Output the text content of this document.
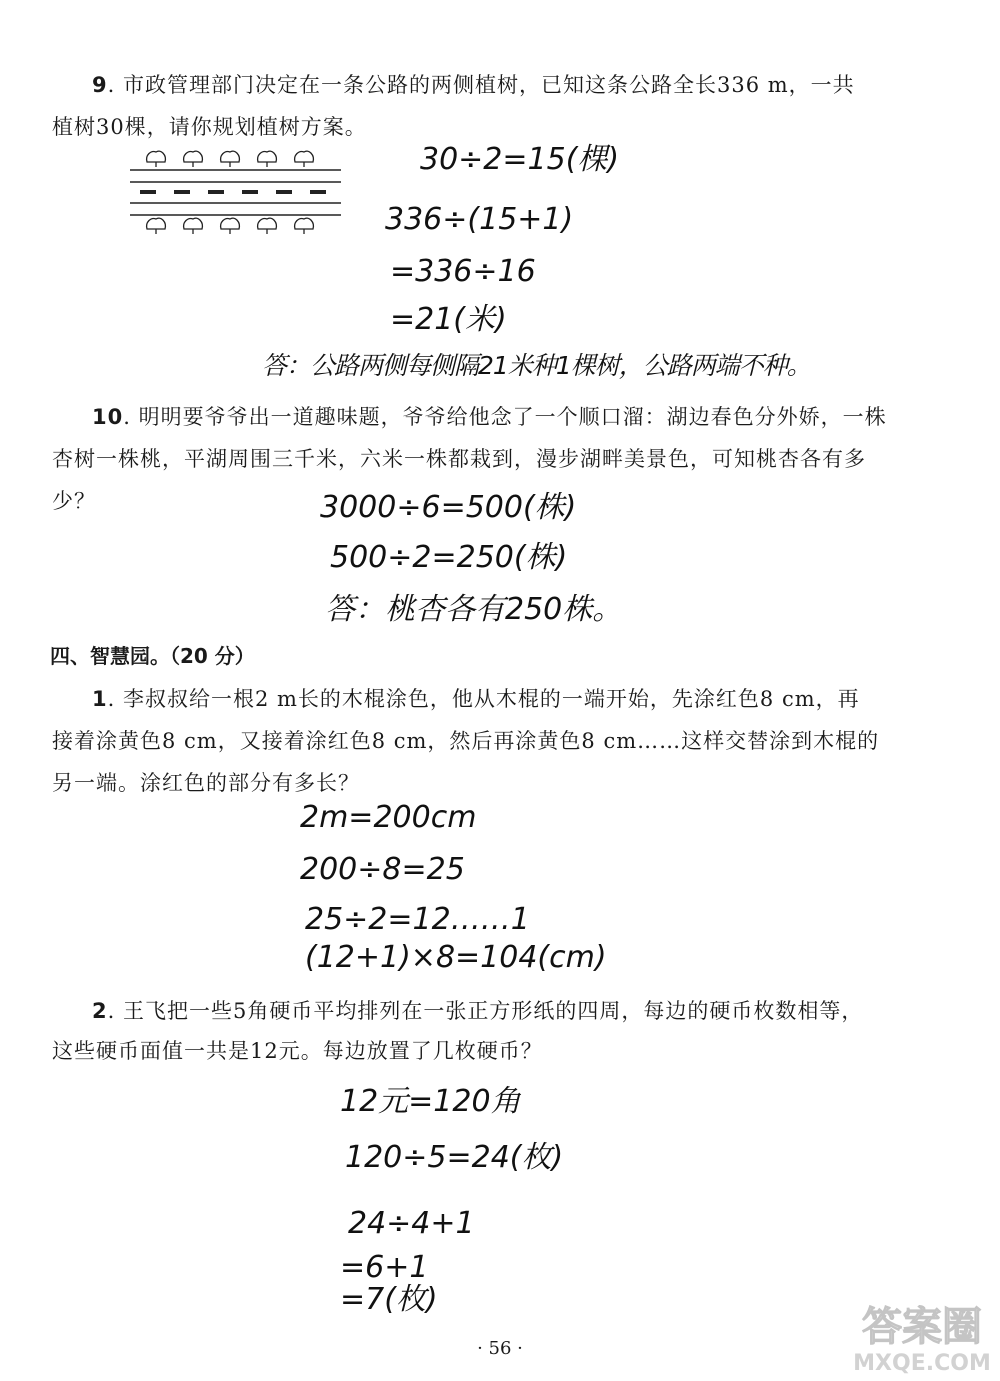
9. 市政管理部门决定在一条公路的两侧植树，已知这条公路全长336 m，一共
植树30棵，请你规划植树方案。
30÷2=15(棵)
336÷(15+1)
=336÷16
=21(米)
答：公路两侧每侧隔21米种1棵树，公路两端不种。
10. 明明要爷爷出一道趣味题，爷爷给他念了一个顺口溜：湖边春色分外娇，一株
杏树一株桃，平湖周围三千米，六米一株都栽到，漫步湖畔美景色，可知桃杏各有多
少？	3000÷6=500(株)
500÷2=250(株)
答：桃杏各有250株。
四、智慧园。（20 分）
1. 李叔叔给一根2 m长的木棍涂色，他从木棍的一端开始，先涂红色8 cm，再
接着涂黄色8 cm，又接着涂红色8 cm，然后再涂黄色8 cm……这样交替涂到木棍的
另一端。涂红色的部分有多长？
2m=200cm
200÷8=25
25÷2=12……1
(12+1)×8=104(cm)
2. 王飞把一些5角硬币平均排列在一张正方形纸的四周，每边的硬币枚数相等，
这些硬币面值一共是12元。每边放置了几枚硬币？
12元=120角
120÷5=24(枚)
24÷4+1
=6+1
=7(枚)
· 56 ·	答案圈
MXQE.COM
